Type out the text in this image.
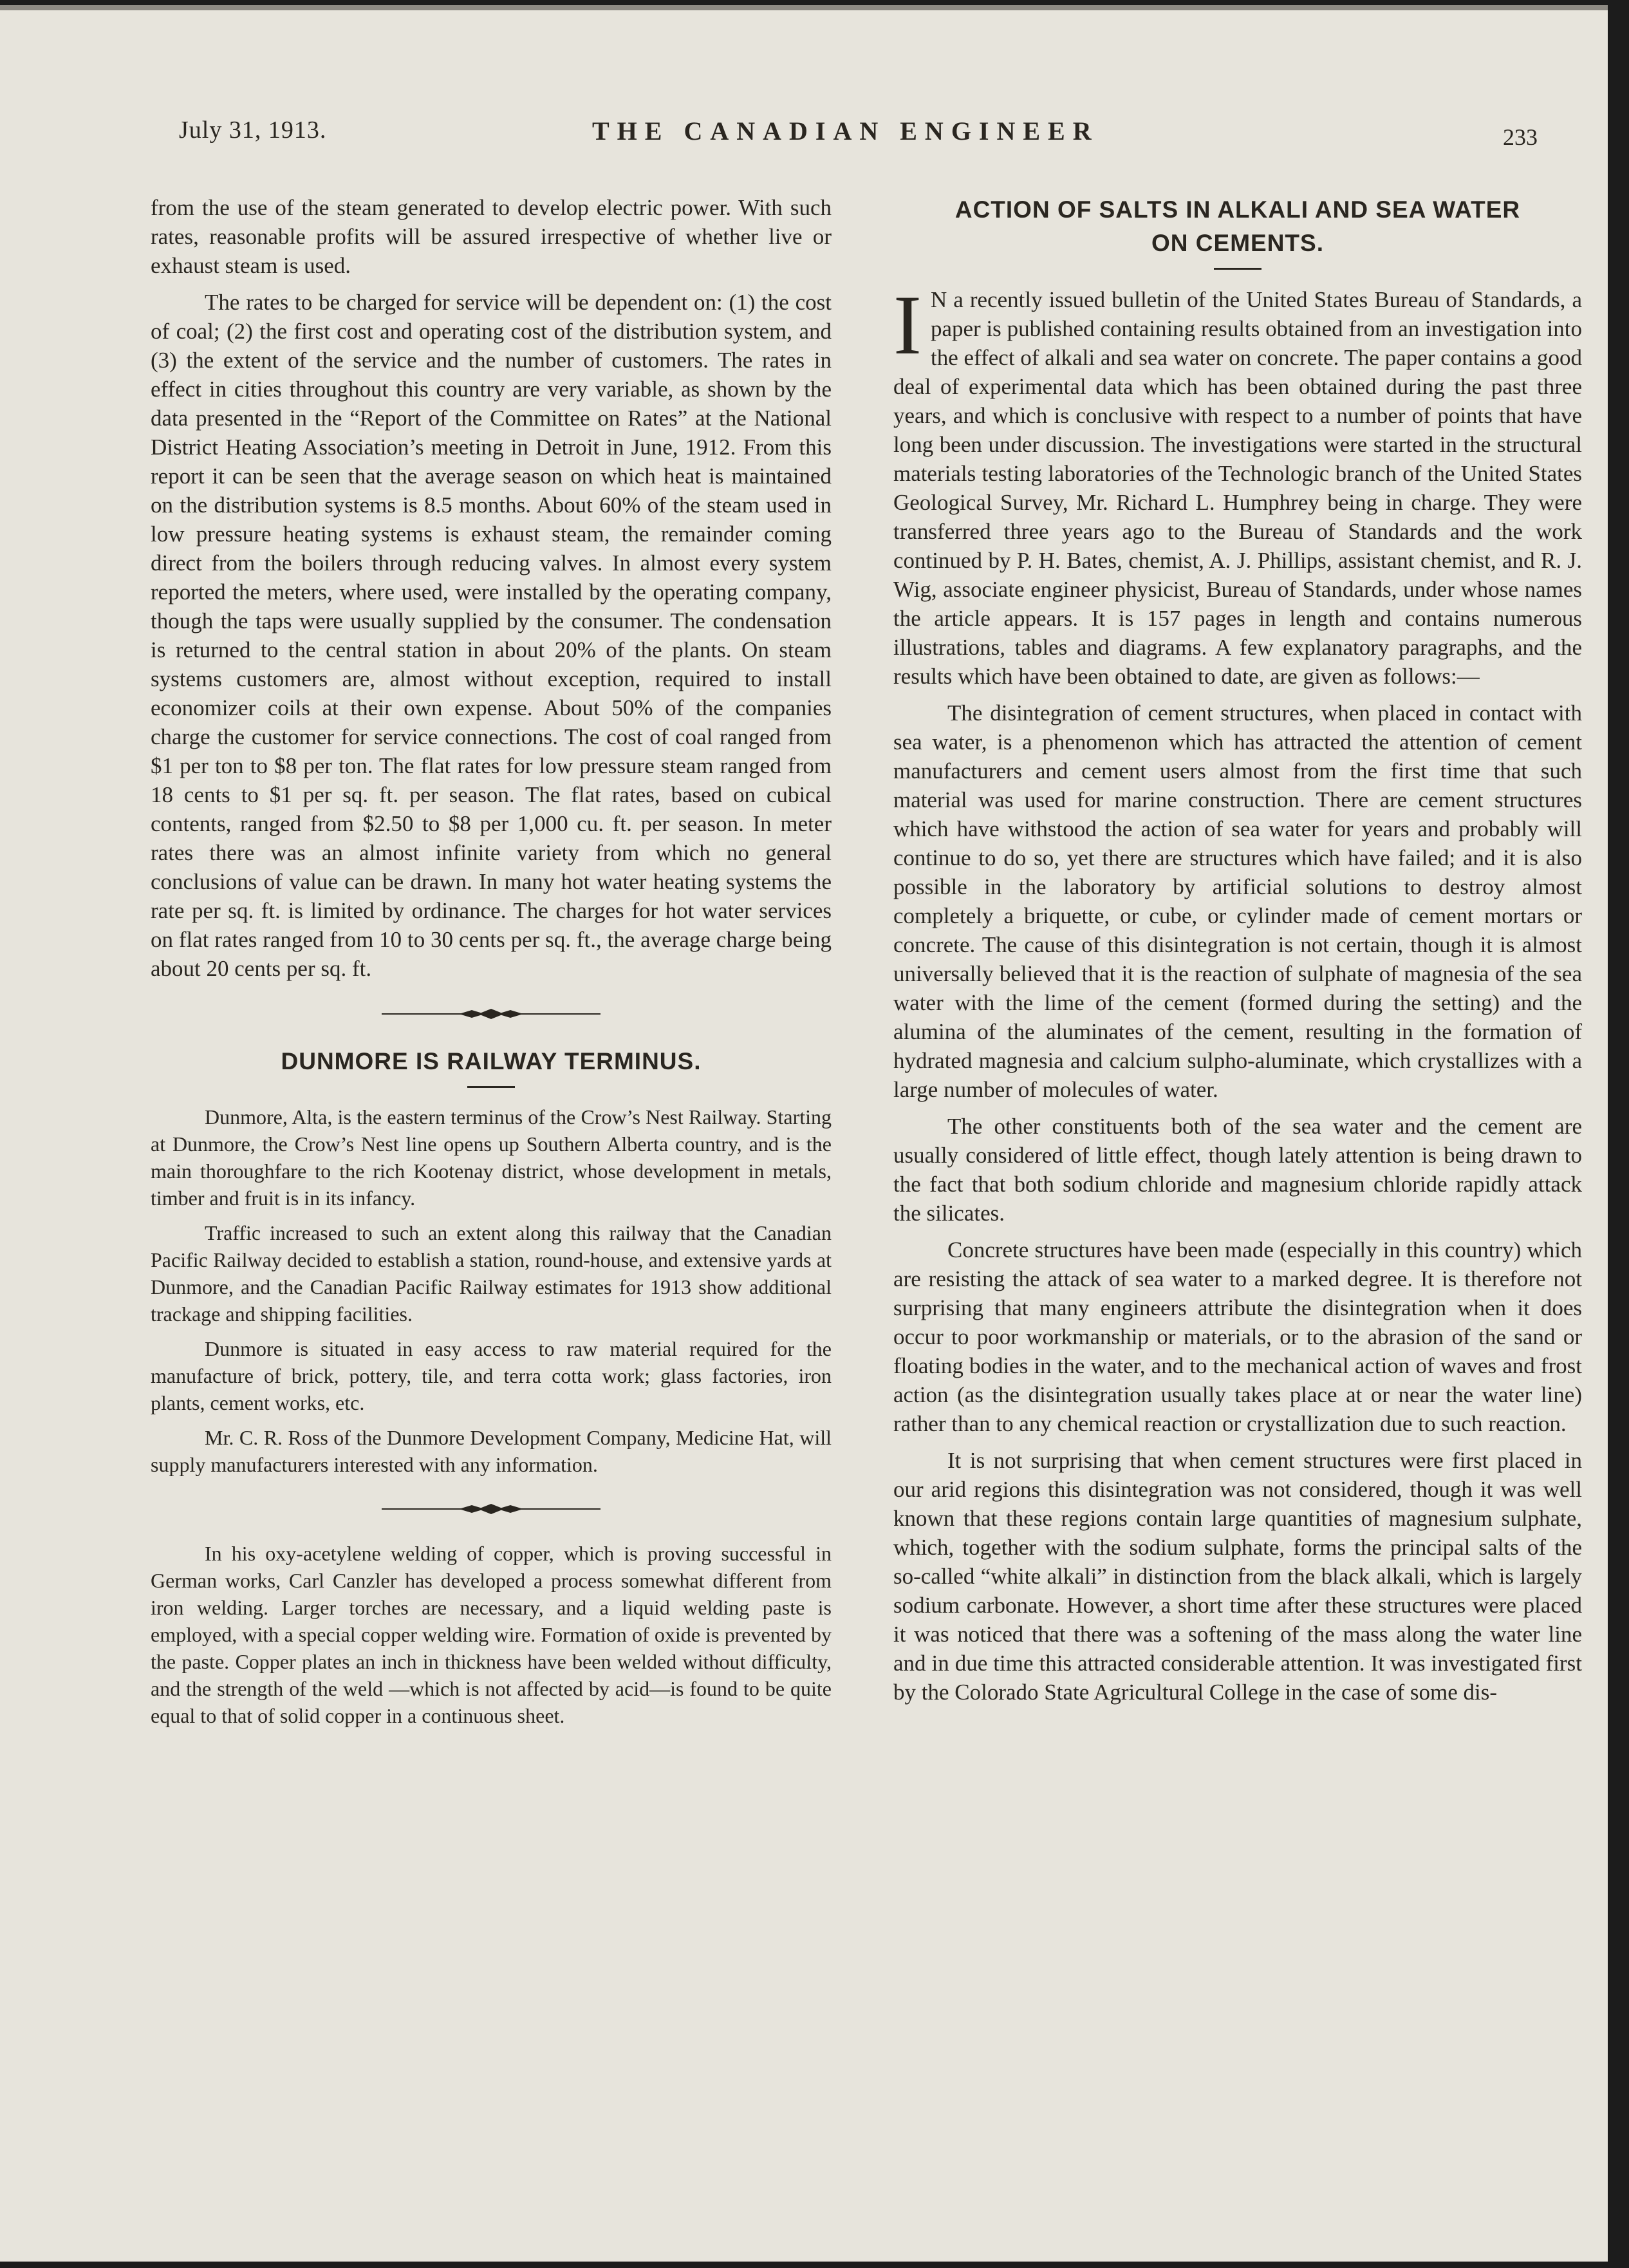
July 31, 1913.	THE CANADIAN ENGINEER	233

from the use of the steam generated to develop electric power. With such rates, reasonable profits will be assured irrespective of whether live or exhaust steam is used.

The rates to be charged for service will be dependent on: (1) the cost of coal; (2) the first cost and operating cost of the distribution system, and (3) the extent of the service and the number of customers. The rates in effect in cities throughout this country are very variable, as shown by the data presented in the “Report of the Committee on Rates” at the National District Heating Association’s meeting in Detroit in June, 1912. From this report it can be seen that the average season on which heat is maintained on the distribution systems is 8.5 months. About 60% of the steam used in low pressure heating systems is exhaust steam, the remainder coming direct from the boilers through reducing valves. In almost every system reported the meters, where used, were installed by the operating company, though the taps were usually supplied by the consumer. The condensation is returned to the central station in about 20% of the plants. On steam systems customers are, almost without exception, required to install economizer coils at their own expense. About 50% of the companies charge the customer for service connections. The cost of coal ranged from $1 per ton to $8 per ton. The flat rates for low pressure steam ranged from 18 cents to $1 per sq. ft. per season. The flat rates, based on cubical contents, ranged from $2.50 to $8 per 1,000 cu. ft. per season. In meter rates there was an almost infinite variety from which no general conclusions of value can be drawn. In many hot water heating systems the rate per sq. ft. is limited by ordinance. The charges for hot water services on flat rates ranged from 10 to 30 cents per sq. ft., the average charge being about 20 cents per sq. ft.

DUNMORE IS RAILWAY TERMINUS.

Dunmore, Alta, is the eastern terminus of the Crow’s Nest Railway. Starting at Dunmore, the Crow’s Nest line opens up Southern Alberta country, and is the main thoroughfare to the rich Kootenay district, whose development in metals, timber and fruit is in its infancy.

Traffic increased to such an extent along this railway that the Canadian Pacific Railway decided to establish a station, round-house, and extensive yards at Dunmore, and the Canadian Pacific Railway estimates for 1913 show additional trackage and shipping facilities.

Dunmore is situated in easy access to raw material required for the manufacture of brick, pottery, tile, and terra cotta work; glass factories, iron plants, cement works, etc.

Mr. C. R. Ross of the Dunmore Development Company, Medicine Hat, will supply manufacturers interested with any information.

In his oxy-acetylene welding of copper, which is proving successful in German works, Carl Canzler has developed a process somewhat different from iron welding. Larger torches are necessary, and a liquid welding paste is employed, with a special copper welding wire. Formation of oxide is prevented by the paste. Copper plates an inch in thickness have been welded without difficulty, and the strength of the weld —which is not affected by acid—is found to be quite equal to that of solid copper in a continuous sheet.

ACTION OF SALTS IN ALKALI AND SEA WATER
ON CEMENTS.

I N a recently issued bulletin of the United States Bureau of Standards, a paper is published containing results obtained from an investigation into the effect of alkali and sea water on concrete. The paper contains a good deal of experimental data which has been obtained during the past three years, and which is conclusive with respect to a number of points that have long been under discussion. The investigations were started in the structural materials testing laboratories of the Technologic branch of the United States Geological Survey, Mr. Richard L. Humphrey being in charge. They were transferred three years ago to the Bureau of Standards and the work continued by P. H. Bates, chemist, A. J. Phillips, assistant chemist, and R. J. Wig, associate engineer physicist, Bureau of Standards, under whose names the article appears. It is 157 pages in length and contains numerous illustrations, tables and diagrams. A few explanatory paragraphs, and the results which have been obtained to date, are given as follows:—

The disintegration of cement structures, when placed in contact with sea water, is a phenomenon which has attracted the attention of cement manufacturers and cement users almost from the first time that such material was used for marine construction. There are cement structures which have withstood the action of sea water for years and probably will continue to do so, yet there are structures which have failed; and it is also possible in the laboratory by artificial solutions to destroy almost completely a briquette, or cube, or cylinder made of cement mortars or concrete. The cause of this disintegration is not certain, though it is almost universally believed that it is the reaction of sulphate of magnesia of the sea water with the lime of the cement (formed during the setting) and the alumina of the aluminates of the cement, resulting in the formation of hydrated magnesia and calcium sulpho-aluminate, which crystallizes with a large number of molecules of water.

The other constituents both of the sea water and the cement are usually considered of little effect, though lately attention is being drawn to the fact that both sodium chloride and magnesium chloride rapidly attack the silicates.

Concrete structures have been made (especially in this country) which are resisting the attack of sea water to a marked degree. It is therefore not surprising that many engineers attribute the disintegration when it does occur to poor workmanship or materials, or to the abrasion of the sand or floating bodies in the water, and to the mechanical action of waves and frost action (as the disintegration usually takes place at or near the water line) rather than to any chemical reaction or crystallization due to such reaction.

It is not surprising that when cement structures were first placed in our arid regions this disintegration was not considered, though it was well known that these regions contain large quantities of magnesium sulphate, which, together with the sodium sulphate, forms the principal salts of the so-called “white alkali” in distinction from the black alkali, which is largely sodium carbonate. However, a short time after these structures were placed it was noticed that there was a softening of the mass along the water line and in due time this attracted considerable attention. It was investigated first by the Colorado State Agricultural College in the case of some dis-
